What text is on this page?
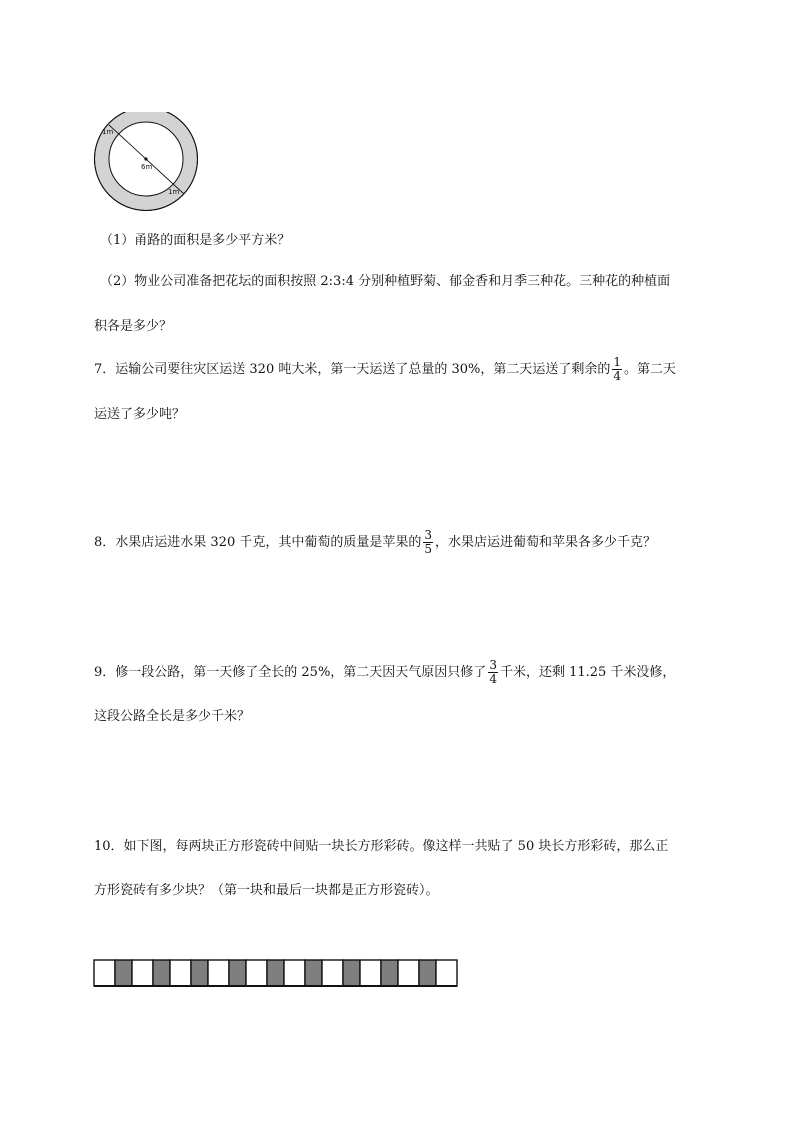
1m
6m
1m
（1）甬路的面积是多少平方米？
（2）物业公司准备把花坛的面积按照 2:3:4 分别种植野菊、郁金香和月季三种花。三种花的种植面
积各是多少？
7．运输公司要往灾区运送 320 吨大米，第一天运送了总量的 30%，第二天运送了剩余的 $\frac{1}{4}$ 。第二天
运送了多少吨？
8．水果店运进水果 320 千克，其中葡萄的质量是苹果的 $\frac{3}{5}$ ，水果店运进葡萄和苹果各多少千克？
9．修一段公路，第一天修了全长的 25%，第二天因天气原因只修了 $\frac{3}{4}$ 千米，还剩 11.25 千米没修，
这段公路全长是多少千米？
10．如下图，每两块正方形瓷砖中间贴一块长方形彩砖。像这样一共贴了 50 块长方形彩砖，那么正
方形瓷砖有多少块？（第一块和最后一块都是正方形瓷砖）。
